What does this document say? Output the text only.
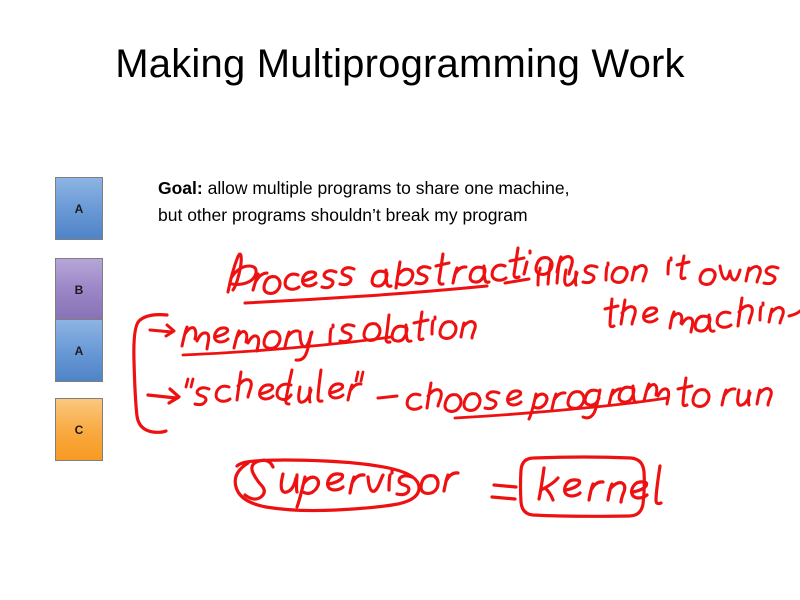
Making Multiprogramming Work
Goal: allow multiple programs to share one machine,
but other programs shouldn’t break my program
A
B
A
C
